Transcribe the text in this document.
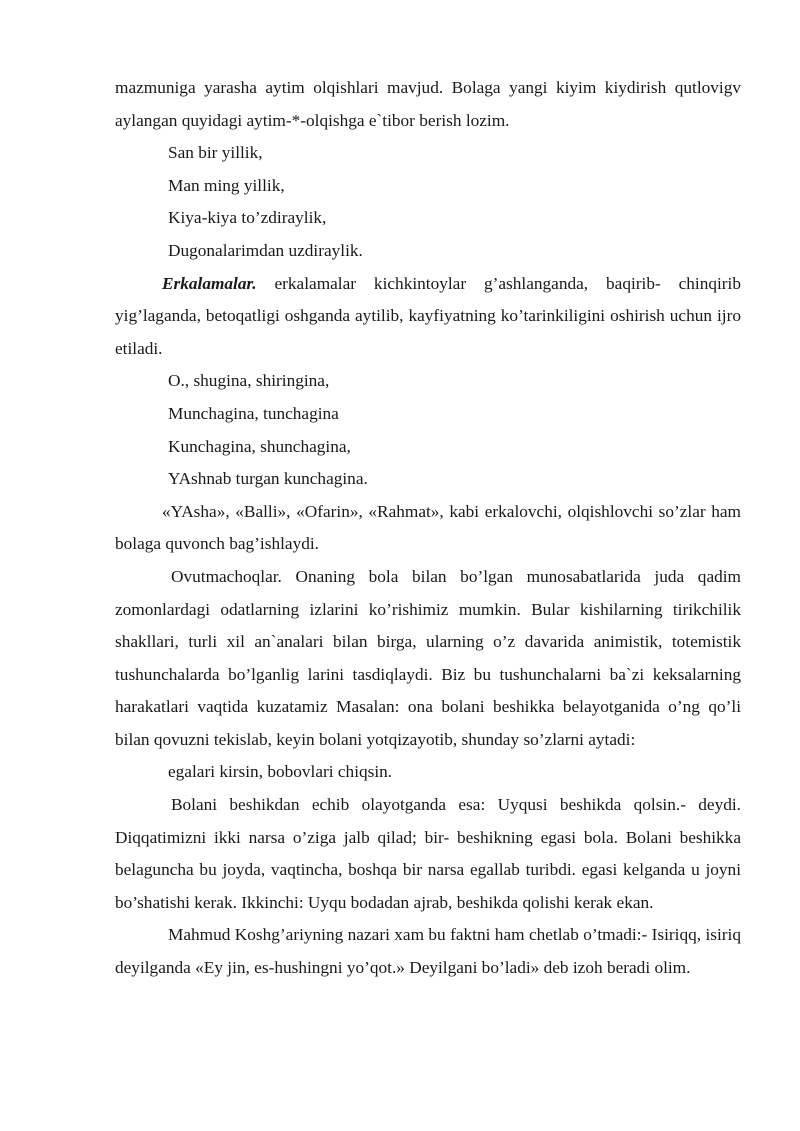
mazmuniga yarasha aytim olqishlari mavjud. Bolaga yangi kiyim kiydirish qutlovigv aylangan quyidagi aytim-*-olqishga e`tibor berish lozim.

San bir yillik,

Man ming yillik,

Kiya-kiya to’zdiraylik,

Dugonalarimdan uzdiraylik.

Erkalamalar. erkalamalar kichkintoylar g’ashlanganda, baqirib- chinqirib yig’laganda, betoqatligi oshganda aytilib, kayfiyatning ko’tarinkiligini oshirish uchun ijro etiladi.

O., shugina, shiringina,

Munchagina, tunchagina

Kunchagina, shunchagina,

YAshnab turgan kunchagina.

«YAsha», «Balli», «Ofarin», «Rahmat», kabi erkalovchi, olqishlovchi so’zlar ham bolaga quvonch bag’ishlaydi.

Ovutmachoqlar. Onaning bola bilan bo’lgan munosabatlarida juda qadim zomonlardagi odatlarning izlarini ko’rishimiz mumkin. Bular kishilarning tirikchilik shakllari, turli xil an`analari bilan birga, ularning o’z davarida animistik, totemistik tushunchalarda bo’lganlig larini tasdiqlaydi. Biz bu tushunchalarni ba`zi keksalarning harakatlari vaqtida kuzatamiz Masalan: ona bolani beshikka belayotganida o’ng qo’li bilan qovuzni tekislab, keyin bolani yotqizayotib, shunday so’zlarni aytadi:

egalari kirsin, bobovlari chiqsin.

Bolani beshikdan echib olayotganda esa: Uyqusi beshikda qolsin.- deydi. Diqqatimizni ikki narsa o’ziga jalb qilad; bir- beshikning egasi bola. Bolani beshikka belaguncha bu joyda, vaqtincha, boshqa bir narsa egallab turibdi. egasi kelganda u joyni bo’shatishi kerak. Ikkinchi: Uyqu bodadan ajrab, beshikda qolishi kerak ekan.

Mahmud Koshg’ariyning nazari xam bu faktni ham chetlab o’tmadi:- Isiriqq, isiriq deyilganda «Ey jin, es-hushingni yo’qot.» Deyilgani bo’ladi» deb izoh beradi olim.
